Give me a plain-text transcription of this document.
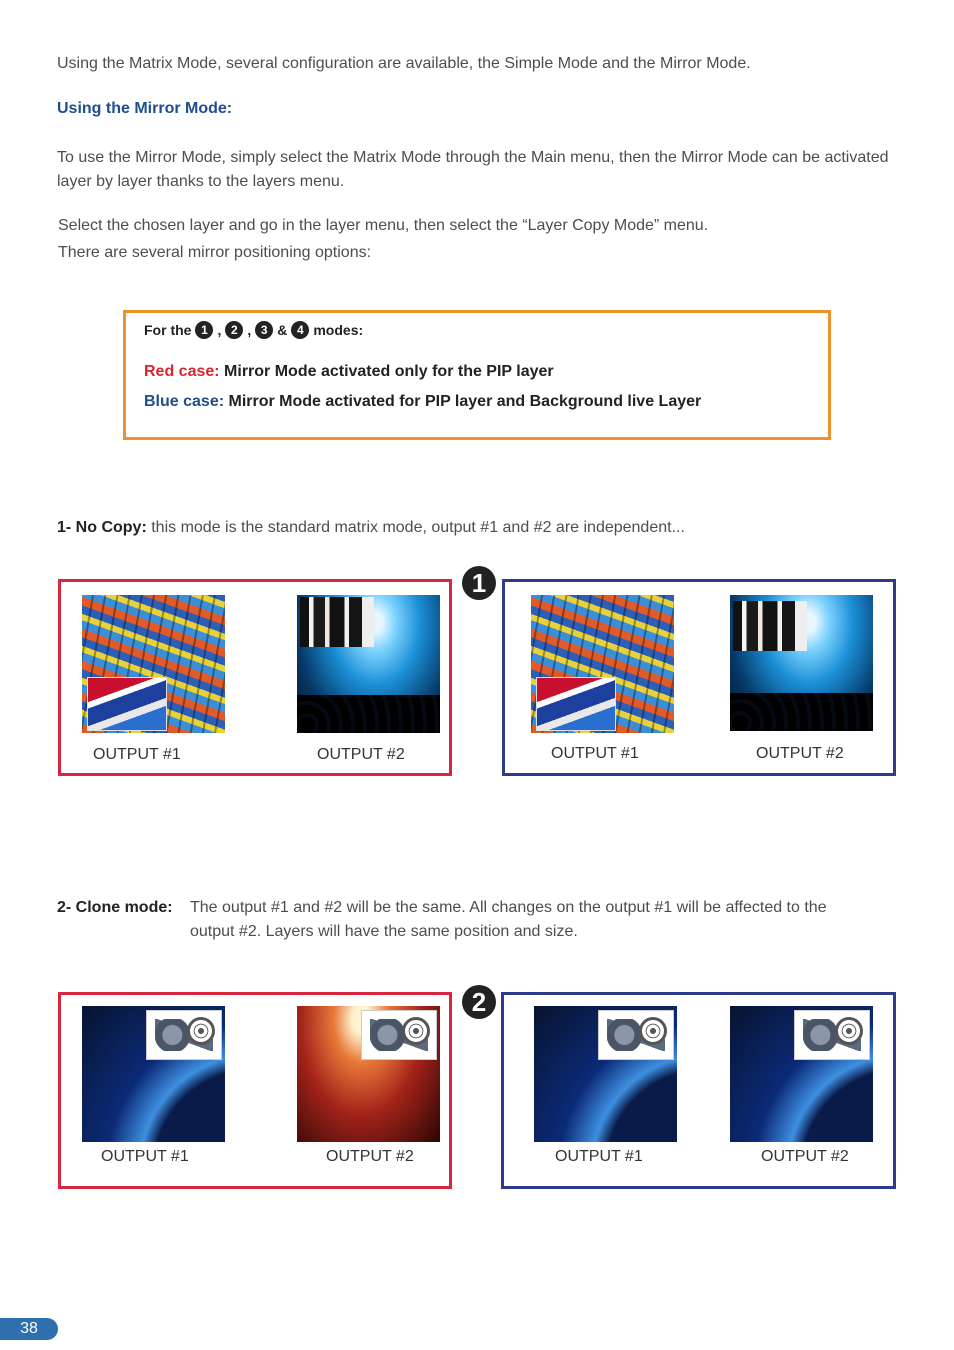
Using the Matrix Mode, several configuration are available, the Simple Mode and the Mirror Mode.
Using the Mirror Mode:
To use the Mirror Mode, simply select the Matrix Mode through the Main menu, then the Mirror Mode can be activated layer by layer thanks to the layers menu.
Select the chosen layer and go in the layer menu, then select the “Layer Copy Mode” menu.
There are several mirror positioning options:
For the 1 , 2 , 3 & 4 modes:
Red case: Mirror Mode activated only for the PIP layer
Blue case: Mirror Mode activated for PIP layer and Background live Layer
1- No Copy: this mode is the standard matrix mode, output #1 and #2 are independent...
OUTPUT #1	OUTPUT #2
1
OUTPUT #1	OUTPUT #2
2- Clone mode: The output #1 and #2 will be the same. All changes on the output #1 will be affected to the
output #2. Layers will have the same position and size.
OUTPUT #1	OUTPUT #2
2
OUTPUT #1	OUTPUT #2
38
